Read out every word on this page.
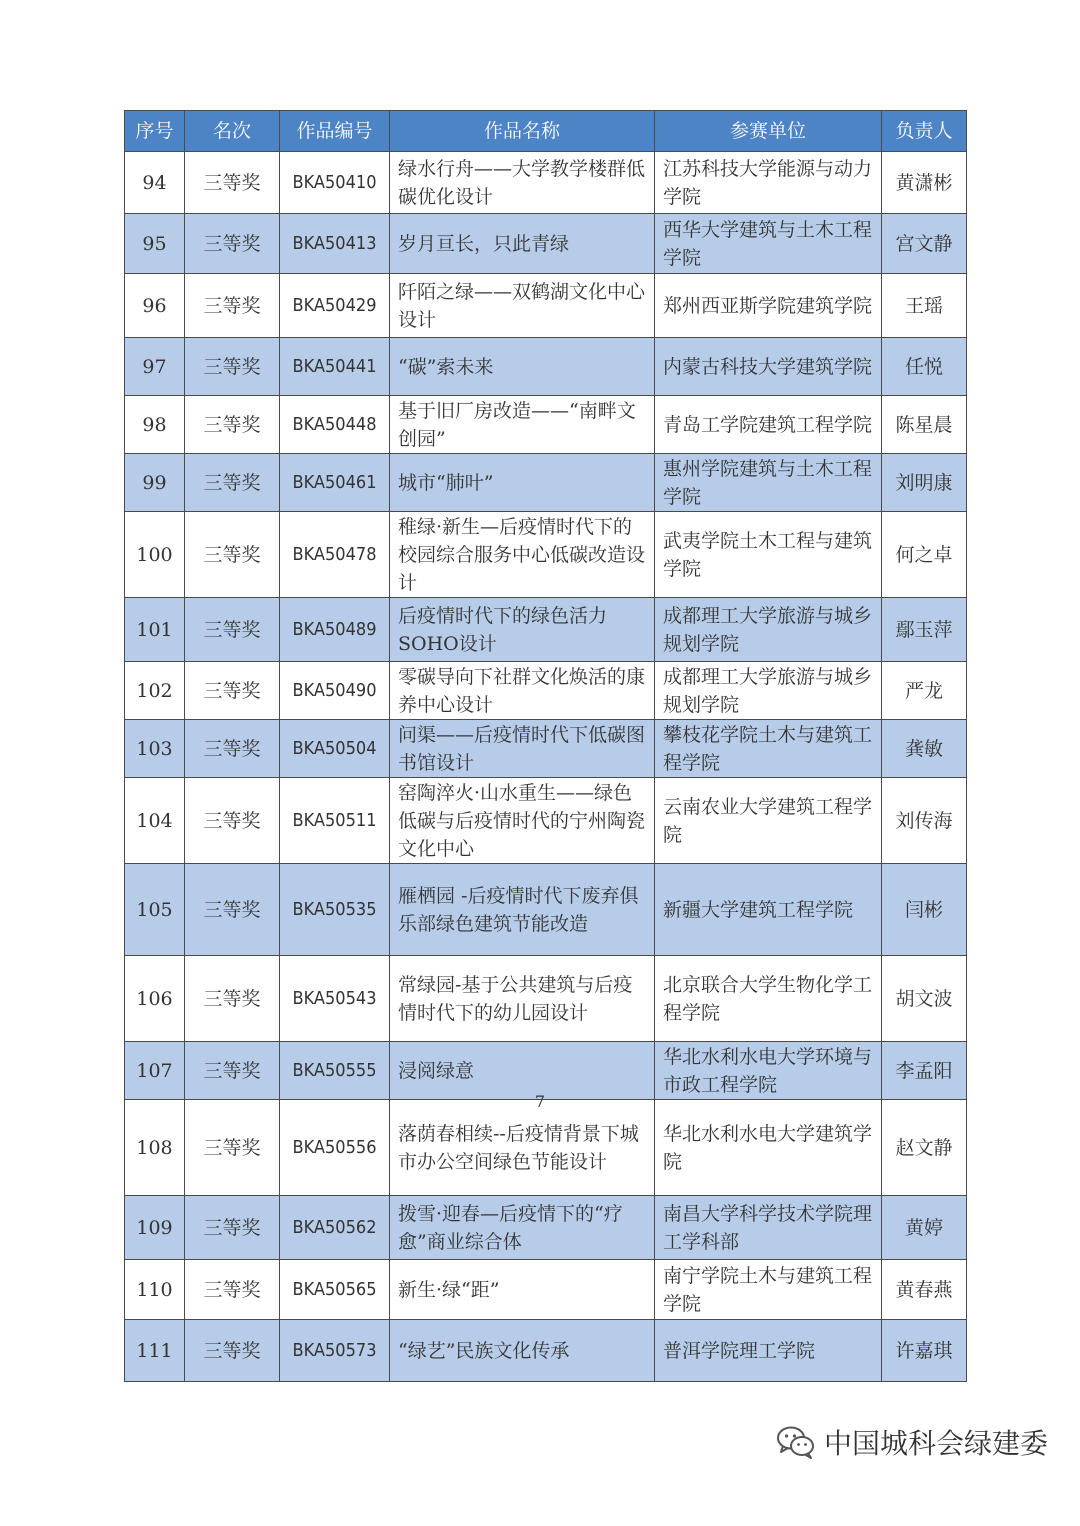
序号	名次	作品编号	作品名称	参赛单位	负责人
94	三等奖	BKA50410	绿水行舟——大学教学楼群低碳优化设计	江苏科技大学能源与动力学院	黄潇彬
95	三等奖	BKA50413	岁月亘长，只此青绿	西华大学建筑与土木工程学院	宫文静
96	三等奖	BKA50429	阡陌之绿——双鹤湖文化中心设计	郑州西亚斯学院建筑学院	王瑶
97	三等奖	BKA50441	“碳”索未来	内蒙古科技大学建筑学院	任悦
98	三等奖	BKA50448	基于旧厂房改造——“南畔文创园”	青岛工学院建筑工程学院	陈星晨
99	三等奖	BKA50461	城市“肺叶”	惠州学院建筑与土木工程学院	刘明康
100	三等奖	BKA50478	稚绿·新生—后疫情时代下的校园综合服务中心低碳改造设计	武夷学院土木工程与建筑学院	何之卓
101	三等奖	BKA50489	后疫情时代下的绿色活力SOHO设计	成都理工大学旅游与城乡规划学院	鄢玉萍
102	三等奖	BKA50490	零碳导向下社群文化焕活的康养中心设计	成都理工大学旅游与城乡规划学院	严龙
103	三等奖	BKA50504	问渠——后疫情时代下低碳图书馆设计	攀枝花学院土木与建筑工程学院	龚敏
104	三等奖	BKA50511	窑陶淬火·山水重生——绿色低碳与后疫情时代的宁州陶瓷文化中心	云南农业大学建筑工程学院	刘传海
105	三等奖	BKA50535	雁栖园 -后疫情时代下废弃俱乐部绿色建筑节能改造	新疆大学建筑工程学院	闫彬
106	三等奖	BKA50543	常绿园-基于公共建筑与后疫情时代下的幼儿园设计	北京联合大学生物化学工程学院	胡文波
107	三等奖	BKA50555	浸阅绿意	华北水利水电大学环境与市政工程学院	李孟阳
108	三等奖	BKA50556	落荫春相续--后疫情背景下城市办公空间绿色节能设计	华北水利水电大学建筑学院	赵文静
109	三等奖	BKA50562	拨雪·迎春—后疫情下的“疗愈”商业综合体	南昌大学科学技术学院理工学科部	黄婷
110	三等奖	BKA50565	新生·绿“距”	南宁学院土木与建筑工程学院	黄春燕
111	三等奖	BKA50573	“绿艺”民族文化传承	普洱学院理工学院	许嘉琪
7
中国城科会绿建委
